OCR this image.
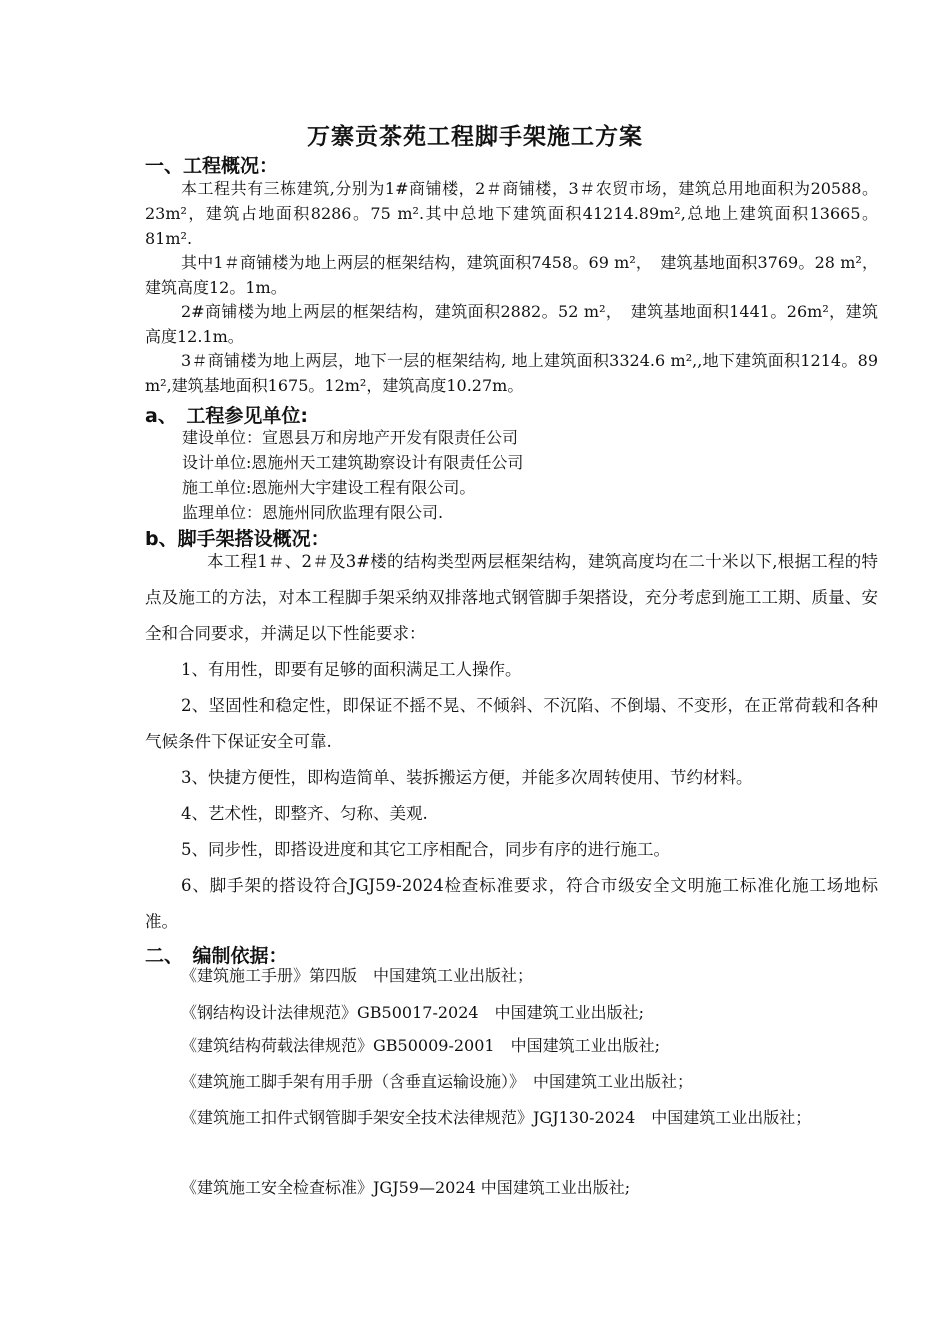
万寨贡茶苑工程脚手架施工方案
一、工程概况：

本工程共有三栋建筑,分别为1#商铺楼，2＃商铺楼，3＃农贸市场，建筑总用地面积为20588。23m²，建筑占地面积8286。75 m².其中总地下建筑面积41214.89m²,总地上建筑面积13665。81m².

其中1＃商铺楼为地上两层的框架结构，建筑面积7458。69 m²，　建筑基地面积3769。28 m²，建筑高度12。1m。

2#商铺楼为地上两层的框架结构，建筑面积2882。52 m²，　建筑基地面积1441。26m²，建筑高度12.1m。

3＃商铺楼为地上两层，地下一层的框架结构, 地上建筑面积3324.6 m²,,地下建筑面积1214。89 m²,建筑基地面积1675。12m²，建筑高度10.27m。

a、　工程参见单位:
建设单位：宣恩县万和房地产开发有限责任公司
设计单位:恩施州天工建筑勘察设计有限责任公司
施工单位:恩施州大宇建设工程有限公司。
监理单位：恩施州同欣监理有限公司.
b、脚手架搭设概况：

本工程1＃、2＃及3#楼的结构类型两层框架结构，建筑高度均在二十米以下,根据工程的特点及施工的方法，对本工程脚手架采纳双排落地式钢管脚手架搭设，充分考虑到施工工期、质量、安全和合同要求，并满足以下性能要求：

1、有用性，即要有足够的面积满足工人操作。

2、坚固性和稳定性，即保证不摇不晃、不倾斜、不沉陷、不倒塌、不变形，在正常荷载和各种气候条件下保证安全可靠.

3、快捷方便性，即构造简单、装拆搬运方便，并能多次周转使用、节约材料。

4、艺术性，即整齐、匀称、美观.

5、同步性，即搭设进度和其它工序相配合，同步有序的进行施工。

6、脚手架的搭设符合JGJ59-2024检查标准要求，符合市级安全文明施工标准化施工场地标准。

二、　编制依据：

《建筑施工手册》第四版　中国建筑工业出版社；

《钢结构设计法律规范》GB50017-2024　中国建筑工业出版社;

《建筑结构荷载法律规范》GB50009-2001　中国建筑工业出版社;

《建筑施工脚手架有用手册（含垂直运输设施）》　中国建筑工业出版社；

《建筑施工扣件式钢管脚手架安全技术法律规范》JGJ130-2024　中国建筑工业出版社；

《建筑施工安全检查标准》JGJ59—2024 中国建筑工业出版社;
